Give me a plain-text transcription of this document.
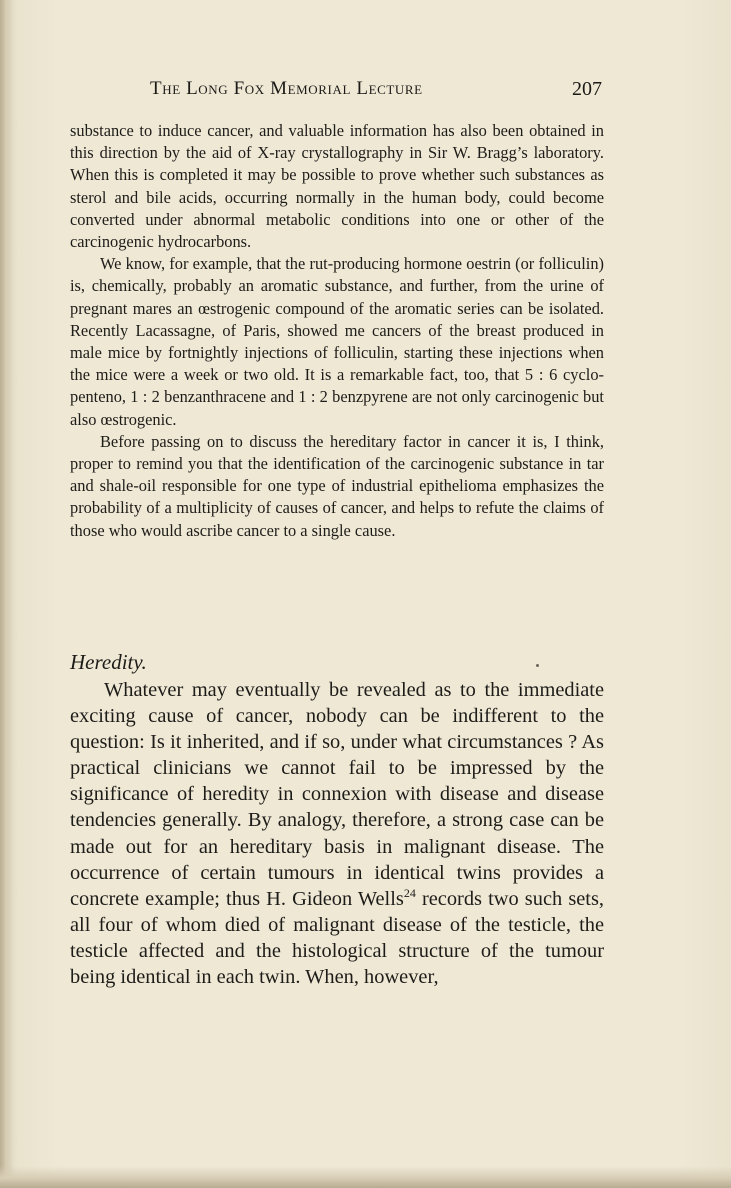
The Long Fox Memorial Lecture	207

substance to induce cancer, and valuable information has also been obtained in this direction by the aid of X-ray crystallography in Sir W. Bragg’s laboratory. When this is completed it may be possible to prove whether such substances as sterol and bile acids, occurring normally in the human body, could become converted under abnormal metabolic conditions into one or other of the carcinogenic hydrocarbons.

We know, for example, that the rut-producing hormone oestrin (or folliculin) is, chemically, probably an aromatic substance, and further, from the urine of pregnant mares an œstrogenic compound of the aromatic series can be isolated. Recently Lacassagne, of Paris, showed me cancers of the breast produced in male mice by fortnightly injections of folliculin, starting these injections when the mice were a week or two old. It is a remarkable fact, too, that 5 : 6 cyclo-penteno, 1 : 2 benzanthracene and 1 : 2 benzpyrene are not only carcinogenic but also œstrogenic.

Before passing on to discuss the hereditary factor in cancer it is, I think, proper to remind you that the identification of the carcinogenic substance in tar and shale-oil responsible for one type of industrial epithelioma emphasizes the probability of a multiplicity of causes of cancer, and helps to refute the claims of those who would ascribe cancer to a single cause.

Heredity.

Whatever may eventually be revealed as to the immediate exciting cause of cancer, nobody can be indifferent to the question: Is it inherited, and if so, under what circumstances ? As practical clinicians we cannot fail to be impressed by the significance of heredity in connexion with disease and disease tendencies generally. By analogy, therefore, a strong case can be made out for an hereditary basis in malignant disease. The occurrence of certain tumours in identical twins provides a concrete example; thus H. Gideon Wells$^{24}$ records two such sets, all four of whom died of malignant disease of the testicle, the testicle affected and the histological structure of the tumour being identical in each twin. When, however,
